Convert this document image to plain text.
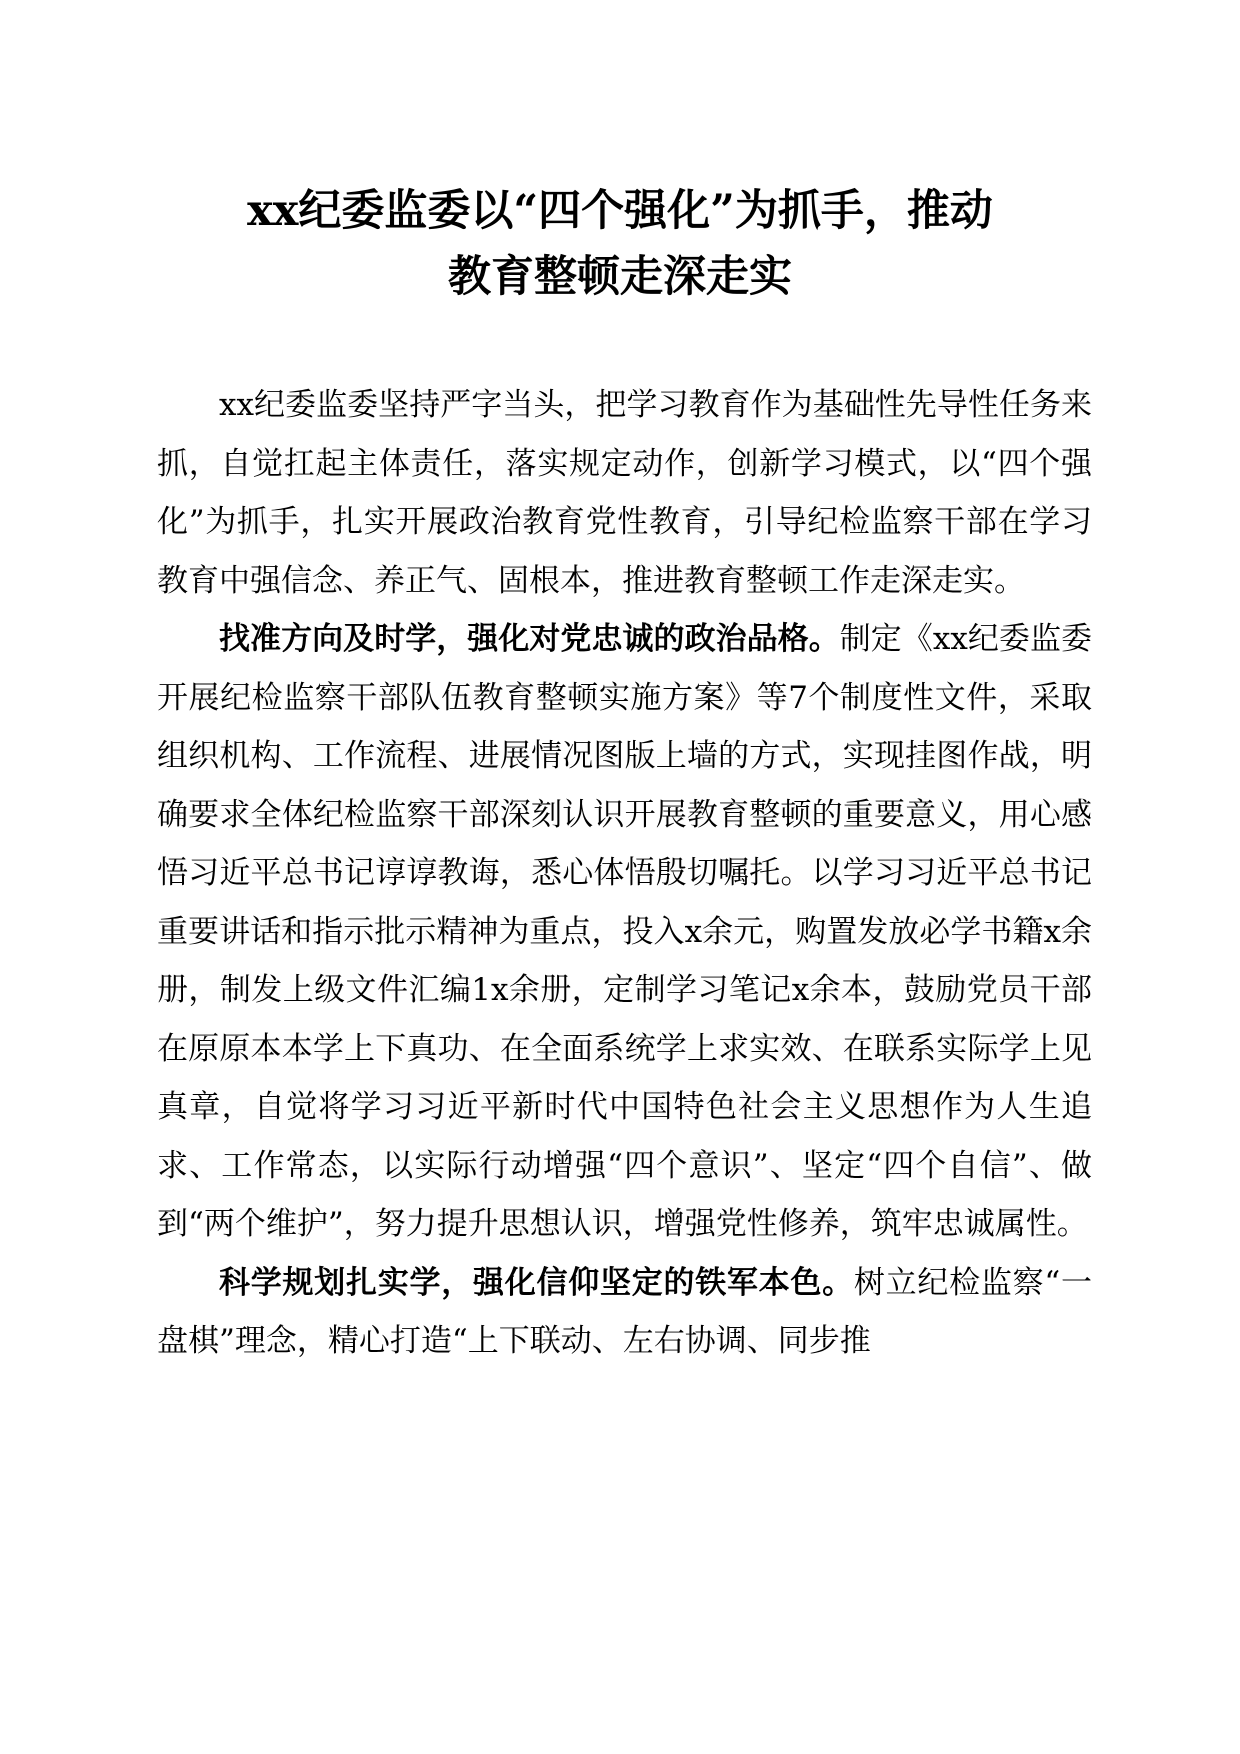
xx纪委监委以“四个强化”为抓手，推动
教育整顿走深走实

xx纪委监委坚持严字当头，把学习教育作为基础性先导性任务来抓，自觉扛起主体责任，落实规定动作，创新学习模式，以“四个强化”为抓手，扎实开展政治教育党性教育，引导纪检监察干部在学习教育中强信念、养正气、固根本，推进教育整顿工作走深走实。

找准方向及时学，强化对党忠诚的政治品格。制定《xx纪委监委开展纪检监察干部队伍教育整顿实施方案》等7个制度性文件，采取组织机构、工作流程、进展情况图版上墙的方式，实现挂图作战，明确要求全体纪检监察干部深刻认识开展教育整顿的重要意义，用心感悟习近平总书记谆谆教诲，悉心体悟殷切嘱托。以学习习近平总书记重要讲话和指示批示精神为重点，投入x余元，购置发放必学书籍x余册，制发上级文件汇编1x余册，定制学习笔记x余本，鼓励党员干部在原原本本学上下真功、在全面系统学上求实效、在联系实际学上见真章，自觉将学习习近平新时代中国特色社会主义思想作为人生追求、工作常态，以实际行动增强“四个意识”、坚定“四个自信”、做到“两个维护”，努力提升思想认识，增强党性修养，筑牢忠诚属性。

科学规划扎实学，强化信仰坚定的铁军本色。树立纪检监察“一盘棋”理念，精心打造“上下联动、左右协调、同步推
